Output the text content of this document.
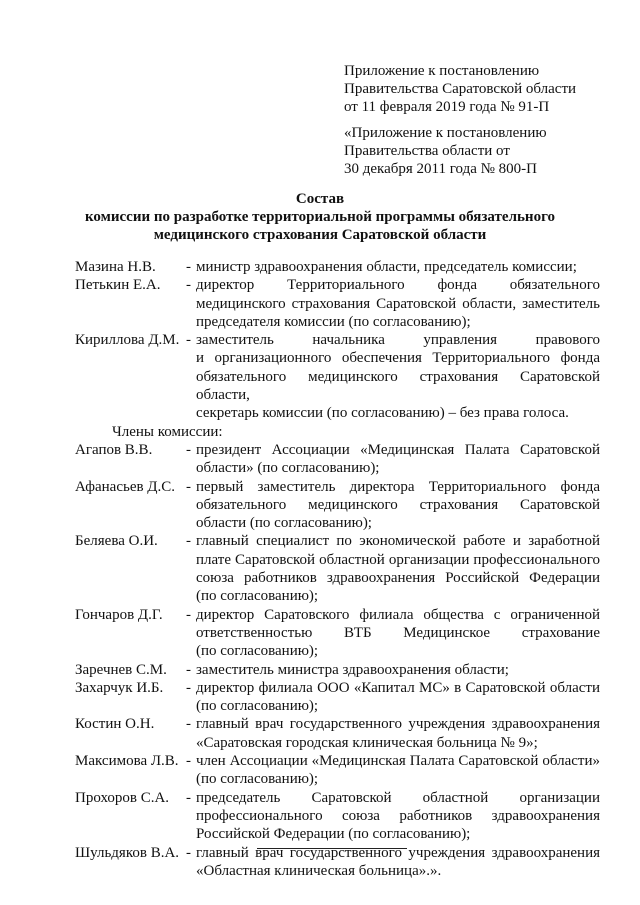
Приложение к постановлению
Правительства Саратовской области
от 11 февраля 2019 года № 91-П
«Приложение к постановлению
Правительства области от
30 декабря 2011 года № 800-П
Состав
комиссии по разработке территориальной программы обязательного
медицинского страхования Саратовской области
Мазина Н.В.	- министр здравоохранения области, председатель комиссии;
Петькин Е.А.	- директор Территориального фонда обязательного
медицинского страхования Саратовской области, заместитель
председателя комиссии (по согласованию);
Кириллова Д.М. - заместитель начальника управления правового
и организационного обеспечения Территориального фонда
обязательного медицинского страхования Саратовской области,
секретарь комиссии (по согласованию) – без права голоса.
Члены комиссии:
Агапов В.В.	- президент Ассоциации «Медицинская Палата Саратовской
области» (по согласованию);
Афанасьев Д.С. - первый заместитель директора Территориального фонда
обязательного медицинского страхования Саратовской
области (по согласованию);
Беляева О.И.	- главный специалист по экономической работе и заработной
плате Саратовской областной организации профессионального
союза работников здравоохранения Российской Федерации
(по согласованию);
Гончаров Д.Г.	- директор Саратовского филиала общества с ограниченной
ответственностью ВТБ Медицинское страхование
(по согласованию);
Заречнев С.М.	- заместитель министра здравоохранения области;
Захарчук И.Б.	- директор филиала ООО «Капитал МС» в Саратовской области
(по согласованию);
Костин О.Н.	- главный врач государственного учреждения здравоохранения
«Саратовская городская клиническая больница № 9»;
Максимова Л.В. - член Ассоциации «Медицинская Палата Саратовской области»
(по согласованию);
Прохоров С.А.	- председатель Саратовской областной организации
профессионального союза работников здравоохранения
Российской Федерации (по согласованию);
Шульдяков В.А. - главный врач государственного учреждения здравоохранения
«Областная клиническая больница».».
